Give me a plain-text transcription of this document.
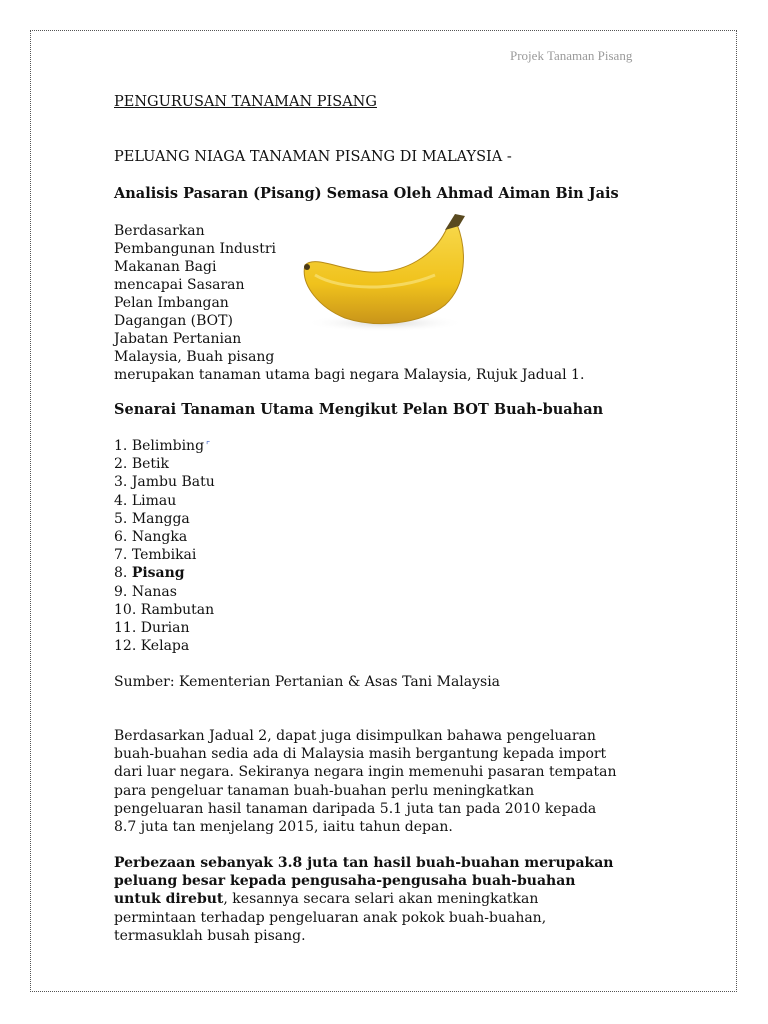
Projek Tanaman Pisang
PENGURUSAN TANAMAN PISANG
PELUANG NIAGA TANAMAN PISANG DI MALAYSIA -
Analisis Pasaran (Pisang) Semasa Oleh Ahmad Aiman Bin Jais
Berdasarkan
Pembangunan Industri
Makanan Bagi
mencapai Sasaran
Pelan Imbangan
Dagangan (BOT)
Jabatan Pertanian
Malaysia, Buah pisang
merupakan tanaman utama bagi negara Malaysia, Rujuk Jadual 1.
Senarai Tanaman Utama Mengikut Pelan BOT Buah-buahan
1. Belimbing ⌜
2. Betik
3. Jambu Batu
4. Limau
5. Mangga
6. Nangka
7. Tembikai
8. Pisang
9. Nanas
10. Rambutan
11. Durian
12. Kelapa
Sumber: Kementerian Pertanian & Asas Tani Malaysia
Berdasarkan Jadual 2, dapat juga disimpulkan bahawa pengeluaran
buah-buahan sedia ada di Malaysia masih bergantung kepada import
dari luar negara. Sekiranya negara ingin memenuhi pasaran tempatan
para pengeluar tanaman buah-buahan perlu meningkatkan
pengeluaran hasil tanaman daripada 5.1 juta tan pada 2010 kepada
8.7 juta tan menjelang 2015, iaitu tahun depan.
Perbezaan sebanyak 3.8 juta tan hasil buah-buahan merupakan
peluang besar kepada pengusaha-pengusaha buah-buahan
untuk direbut, kesannya secara selari akan meningkatkan
permintaan terhadap pengeluaran anak pokok buah-buahan,
termasuklah busah pisang.
